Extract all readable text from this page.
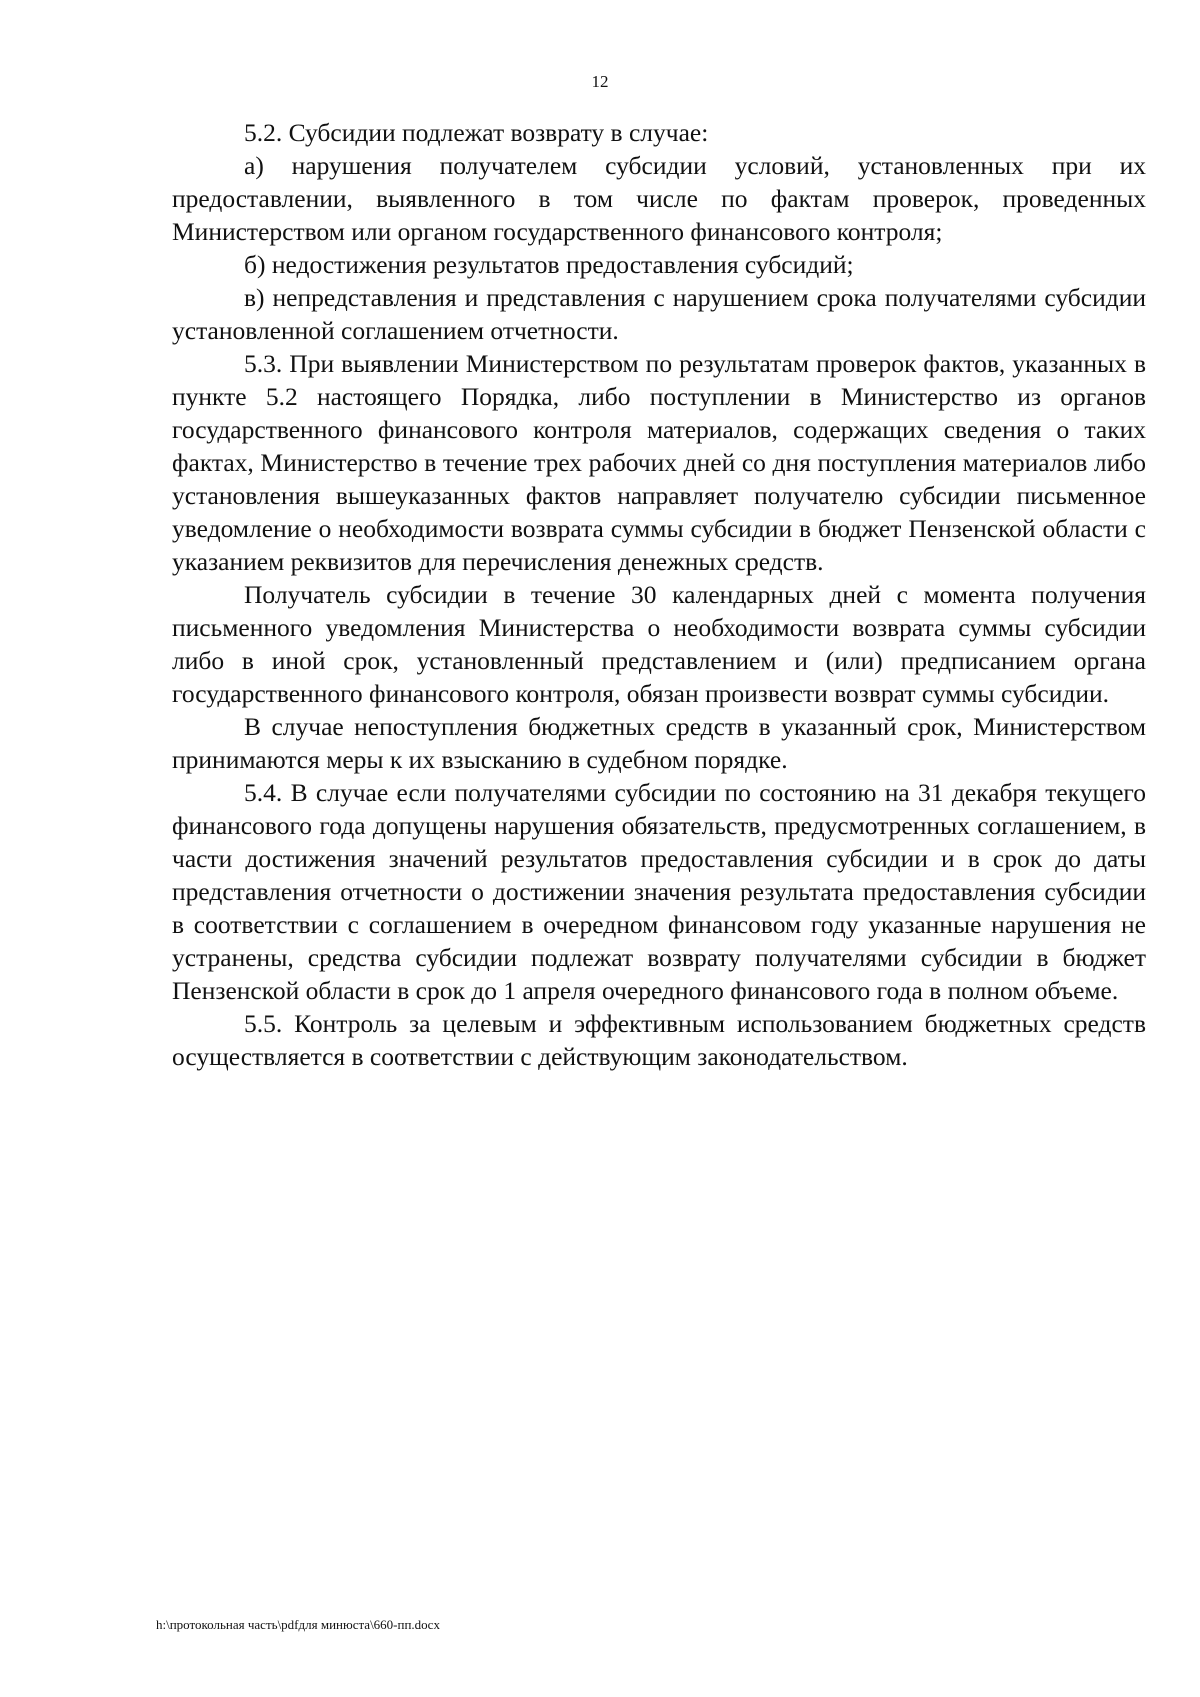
12

5.2. Субсидии подлежат возврату в случае:

а) нарушения получателем субсидии условий, установленных при их предоставлении, выявленного в том числе по фактам проверок, проведенных Министерством или органом государственного финансового контроля;

б) недостижения результатов предоставления субсидий;

в) непредставления и представления с нарушением срока получателями субсидии установленной соглашением отчетности.

5.3. При выявлении Министерством по результатам проверок фактов, указанных в пункте 5.2 настоящего Порядка, либо поступлении в Министерство из органов государственного финансового контроля материалов, содержащих сведения о таких фактах, Министерство в течение трех рабочих дней со дня поступления материалов либо установления вышеуказанных фактов направляет получателю субсидии письменное уведомление о необходимости возврата суммы субсидии в бюджет Пензенской области с указанием реквизитов для перечисления денежных средств.

Получатель субсидии в течение 30 календарных дней с момента получения письменного уведомления Министерства о необходимости возврата суммы субсидии либо в иной срок, установленный представлением и (или) предписанием органа государственного финансового контроля, обязан произвести возврат суммы субсидии.

В случае непоступления бюджетных средств в указанный срок, Министерством принимаются меры к их взысканию в судебном порядке.

5.4. В случае если получателями субсидии по состоянию на 31 декабря текущего финансового года допущены нарушения обязательств, предусмотренных соглашением, в части достижения значений результатов предоставления субсидии и в срок до даты представления отчетности о достижении значения результата предоставления субсидии в соответствии с соглашением в очередном финансовом году указанные нарушения не устранены, средства субсидии подлежат возврату получателями субсидии в бюджет Пензенской области в срок до 1 апреля очередного финансового года в полном объеме.

5.5. Контроль за целевым и эффективным использованием бюджетных средств осуществляется в соответствии с действующим законодательством.

h:\протокольная часть\pdfдля минюста\660-пп.docx
